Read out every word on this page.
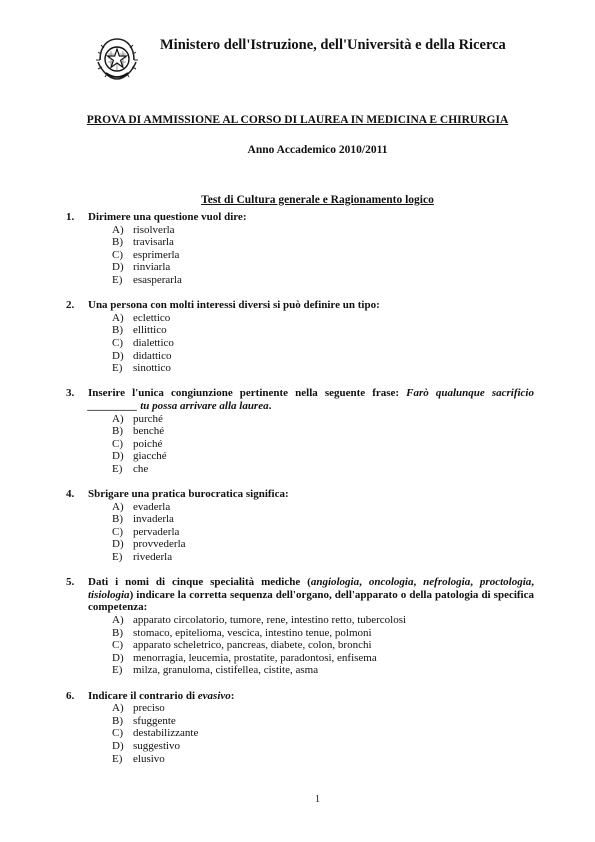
Ministero dell'Istruzione, dell'Università e della Ricerca
PROVA DI AMMISSIONE AL CORSO DI LAUREA IN MEDICINA E CHIRURGIA
Anno Accademico 2010/2011
Test di Cultura generale e Ragionamento logico
1.	Dirimere una questione vuol dire:
A) risolverla
B) travisarla
C) esprimerla
D) rinviarla
E) esasperarla
2.	Una persona con molti interessi diversi si può definire un tipo:
A) eclettico
B) ellittico
C) dialettico
D) didattico
E) sinottico
3.	Inserire l'unica congiunzione pertinente nella seguente frase: Farò qualunque sacrificio _________ tu possa arrivare alla laurea.
A) purché
B) benché
C) poiché
D) giacché
E) che
4.	Sbrigare una pratica burocratica significa:
A) evaderla
B) invaderla
C) pervaderla
D) provvederla
E) rivederla
5.	Dati i nomi di cinque specialità mediche (angiologia, oncologia, nefrologia, proctologia, tisiologia) indicare la corretta sequenza dell'organo, dell'apparato o della patologia di specifica competenza:
A) apparato circolatorio, tumore, rene, intestino retto, tubercolosi
B) stomaco, epitelioma, vescica, intestino tenue, polmoni
C) apparato scheletrico, pancreas, diabete, colon, bronchi
D) menorragia, leucemia, prostatite, paradontosi, enfisema
E) milza, granuloma, cistifellea, cistite, asma
6.	Indicare il contrario di evasivo:
A) preciso
B) sfuggente
C) destabilizzante
D) suggestivo
E) elusivo
1
